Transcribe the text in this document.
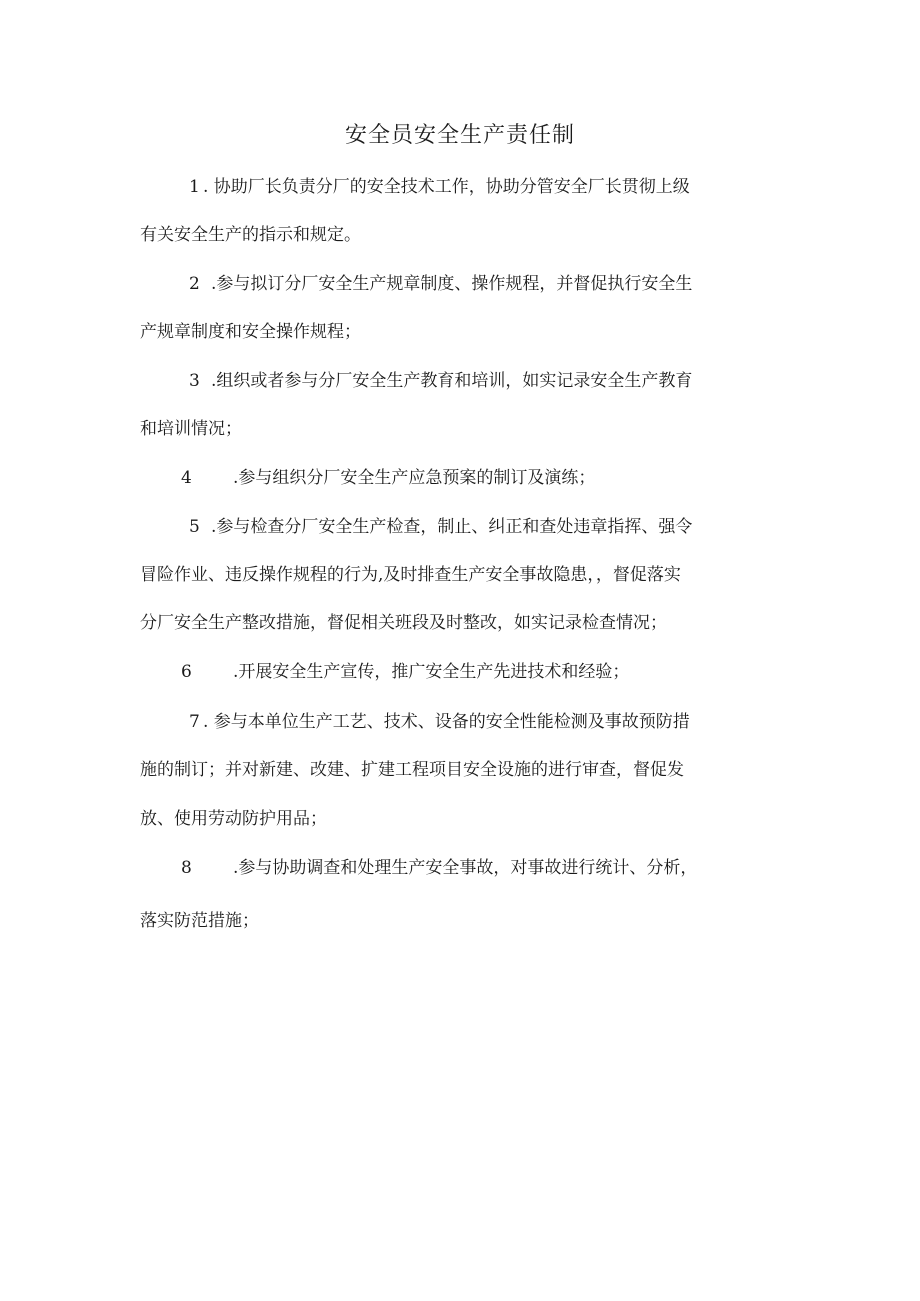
安全员安全生产责任制
1 . 协助厂长负责分厂的安全技术工作，协助分管安全厂长贯彻上级
有关安全生产的指示和规定。
2 .参与拟订分厂安全生产规章制度、操作规程，并督促执行安全生
产规章制度和安全操作规程；
3 .组织或者参与分厂安全生产教育和培训，如实记录安全生产教育
和培训情况；
4 .参与组织分厂安全生产应急预案的制订及演练；
5 .参与检查分厂安全生产检查，制止、纠正和查处违章指挥、强令
冒险作业、违反操作规程的行为,及时排查生产安全事故隐患，，督促落实
分厂安全生产整改措施，督促相关班段及时整改，如实记录检查情况；
6 .开展安全生产宣传，推广安全生产先进技术和经验；
7 . 参与本单位生产工艺、技术、设备的安全性能检测及事故预防措
施的制订；并对新建、改建、扩建工程项目安全设施的进行审查，督促发
放、使用劳动防护用品；
8 .参与协助调查和处理生产安全事故，对事故进行统计、分析，
落实防范措施；
